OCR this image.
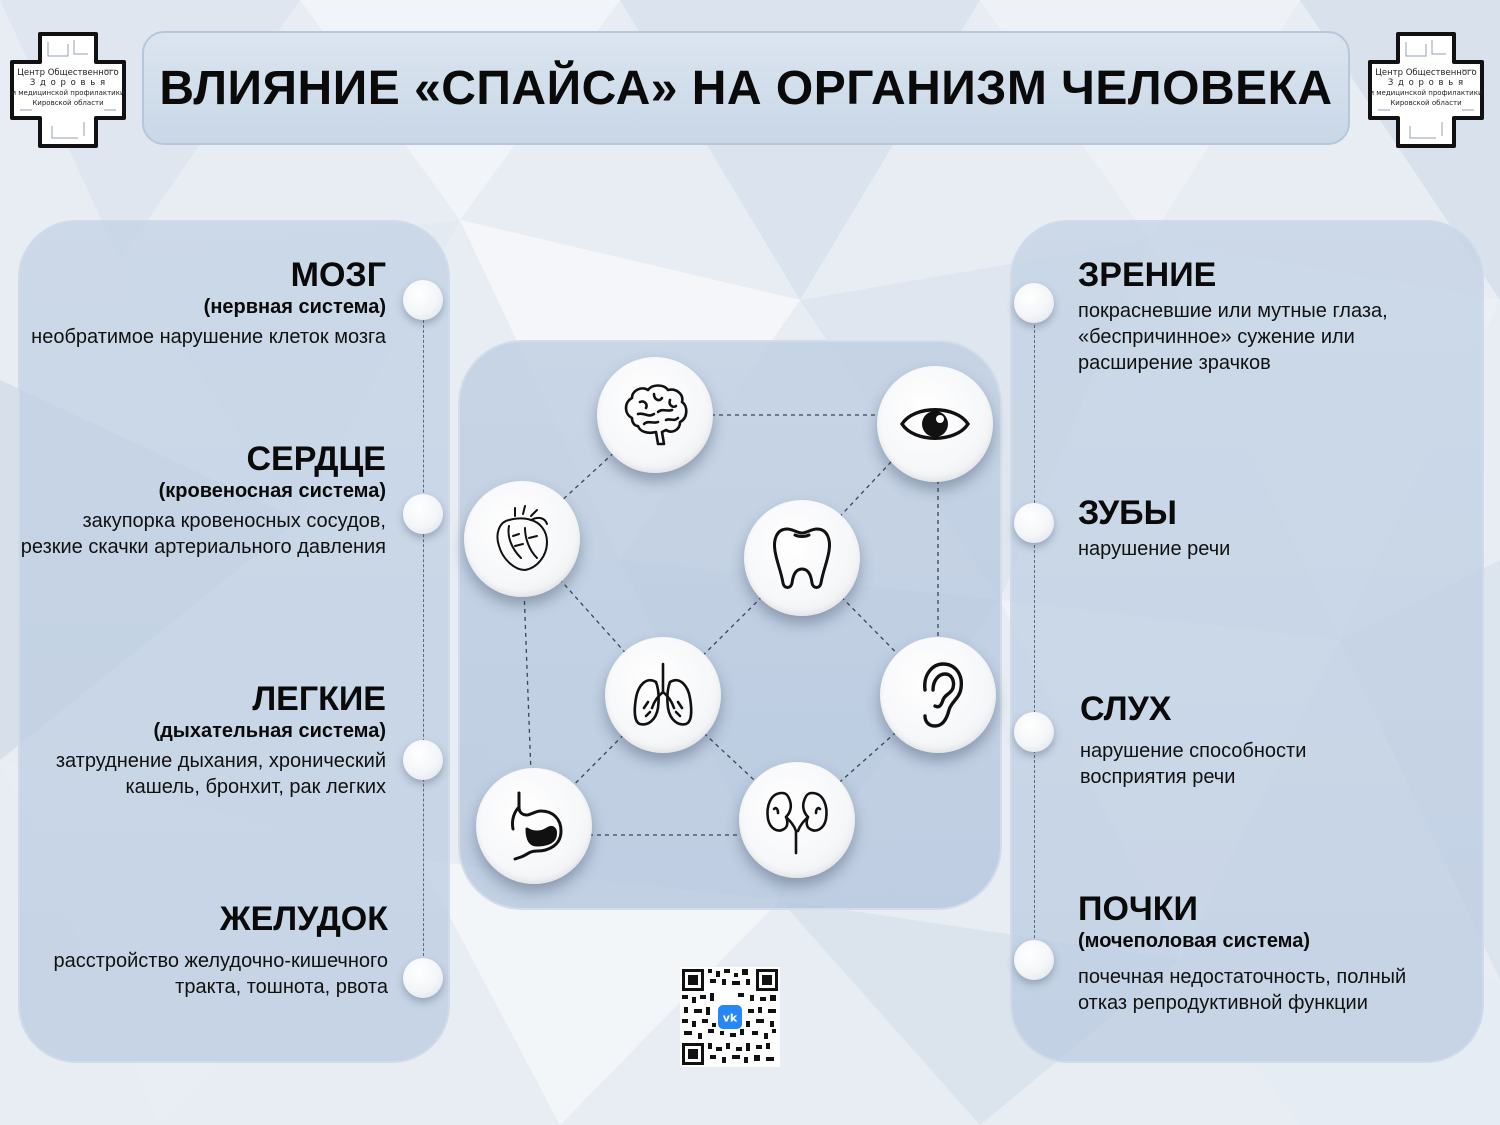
Центр Общественного
З д о р о в ь я
и медицинской профилактики
Кировской области
Центр Общественного
З д о р о в ь я
и медицинской профилактики
Кировской области
ВЛИЯНИЕ «СПАЙСА» НА ОРГАНИЗМ ЧЕЛОВЕКА
МОЗГ
(нервная система)
необратимое нарушение клеток мозга
СЕРДЦЕ
(кровеносная система)
закупорка кровеносных сосудов, резкие скачки артериального давления
ЛЕГКИЕ
(дыхательная система)
затруднение дыхания, хронический кашель, бронхит, рак легких
ЖЕЛУДОК
расстройство желудочно-кишечного тракта, тошнота, рвота
ЗРЕНИЕ
покрасневшие или мутные глаза, «беспричинное» сужение или расширение зрачков
ЗУБЫ
нарушение речи
СЛУХ
нарушение способности восприятия речи
ПОЧКИ
(мочеполовая система)
почечная недостаточность, полный отказ репродуктивной функции
vk
